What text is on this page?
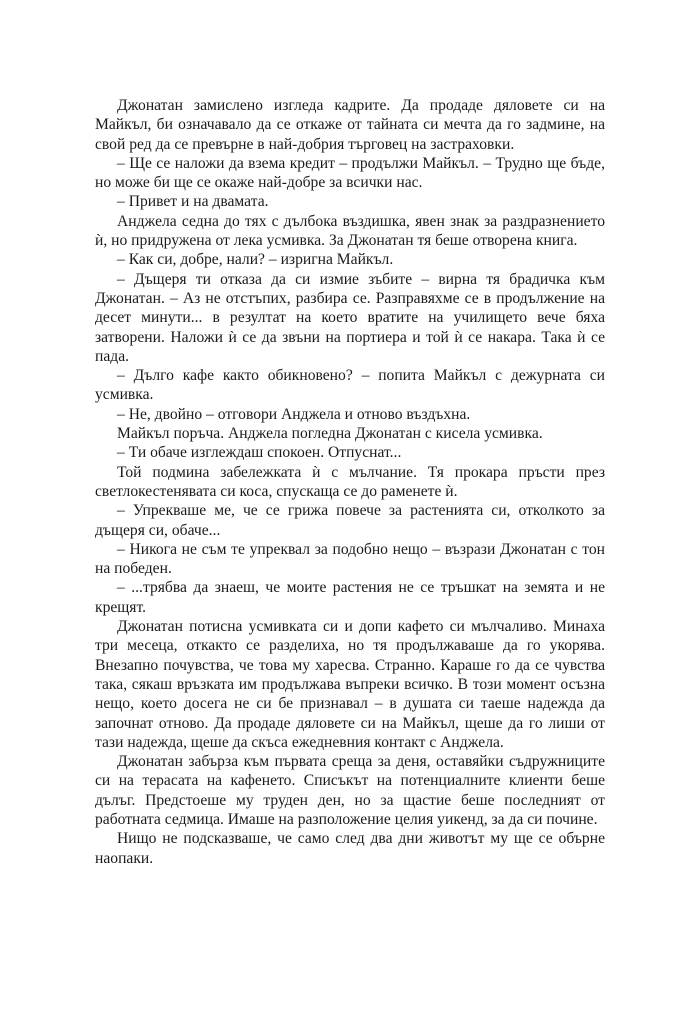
Джонатан замислено изгледа кадрите. Да продаде дяловете си на Майкъл, би означавало да се откаже от тайната си мечта да го задмине, на свой ред да се превърне в най-добрия търговец на застраховки.

– Ще се наложи да взема кредит – продължи Майкъл. – Трудно ще бъде, но може би ще се окаже най-добре за всички нас.

– Привет и на двамата.

Анджела седна до тях с дълбока въздишка, явен знак за раздразнението ѝ, но придружена от лека усмивка. За Джонатан тя беше отворена книга.

– Как си, добре, нали? – изригна Майкъл.

– Дъщеря ти отказа да си измие зъбите – вирна тя брадичка към Джонатан. – Аз не отстъпих, разбира се. Разправяхме се в продължение на десет минути... в резултат на което вратите на училището вече бяха затворени. Наложи ѝ се да звъни на портиера и той ѝ се накара. Така ѝ се пада.

– Дълго кафе както обикновено? – попита Майкъл с дежурната си усмивка.

– Не, двойно – отговори Анджела и отново въздъхна.

Майкъл поръча. Анджела погледна Джонатан с кисела усмивка.

– Ти обаче изглеждаш спокоен. Отпуснат...

Той подмина забележката ѝ с мълчание. Тя прокара пръсти през светлокестенявата си коса, спускаща се до раменете ѝ.

– Упрекваше ме, че се грижа повече за растенията си, отколкото за дъщеря си, обаче...

– Никога не съм те упреквал за подобно нещо – възрази Джонатан с тон на победен.

– ...трябва да знаеш, че моите растения не се тръшкат на земята и не крещят.

Джонатан потисна усмивката си и допи кафето си мълчаливо. Минаха три месеца, откакто се разделиха, но тя продължаваше да го укорява. Внезапно почувства, че това му харесва. Странно. Караше го да се чувства така, сякаш връзката им продължава въпреки всичко. В този момент осъзна нещо, което досега не си бе признавал – в душата си таеше надежда да започнат отново. Да продаде дяловете си на Майкъл, щеше да го лиши от тази надежда, щеше да скъса ежедневния контакт с Анджела.

Джонатан забърза към първата среща за деня, оставяйки съдружниците си на терасата на кафенето. Списъкът на потенциалните клиенти беше дълъг. Предстоеше му труден ден, но за щастие беше последният от работната седмица. Имаше на разположение целия уикенд, за да си почине.

Нищо не подсказваше, че само след два дни животът му ще се обърне наопаки.
